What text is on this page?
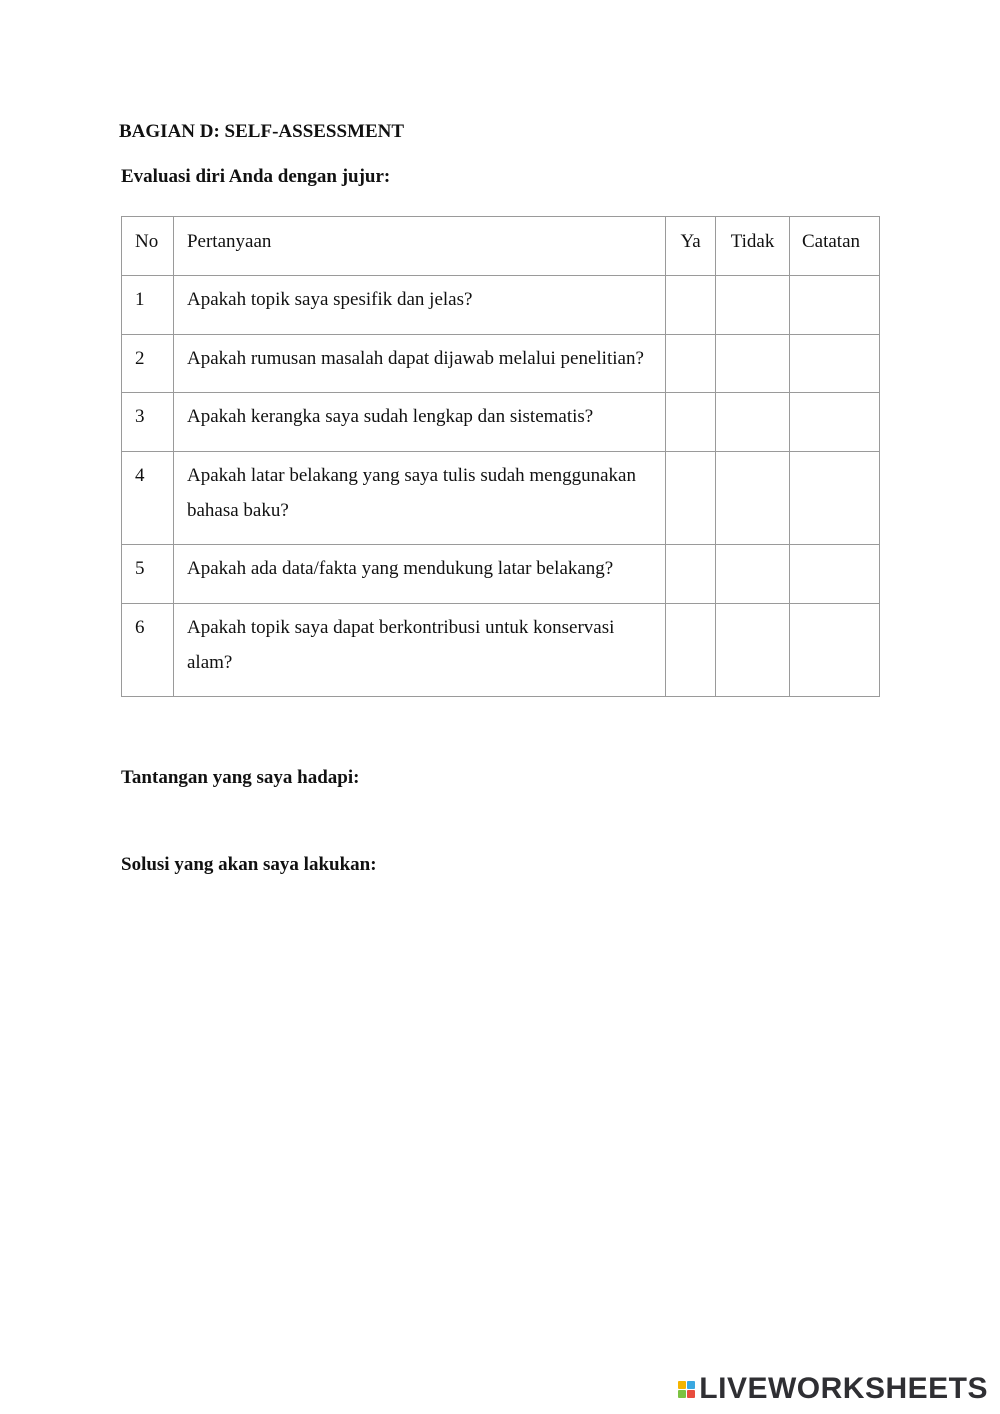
BAGIAN D: SELF-ASSESSMENT
Evaluasi diri Anda dengan jujur:
No	Pertanyaan	Ya	Tidak	Catatan
1	Apakah topik saya spesifik dan jelas?			
2	Apakah rumusan masalah dapat dijawab melalui penelitian?			
3	Apakah kerangka saya sudah lengkap dan sistematis?			
4	Apakah latar belakang yang saya tulis sudah menggunakan bahasa baku?			
5	Apakah ada data/fakta yang mendukung latar belakang?			
6	Apakah topik saya dapat berkontribusi untuk konservasi alam?			
Tantangan yang saya hadapi:
Solusi yang akan saya lakukan:
LIVEWORKSHEETS
